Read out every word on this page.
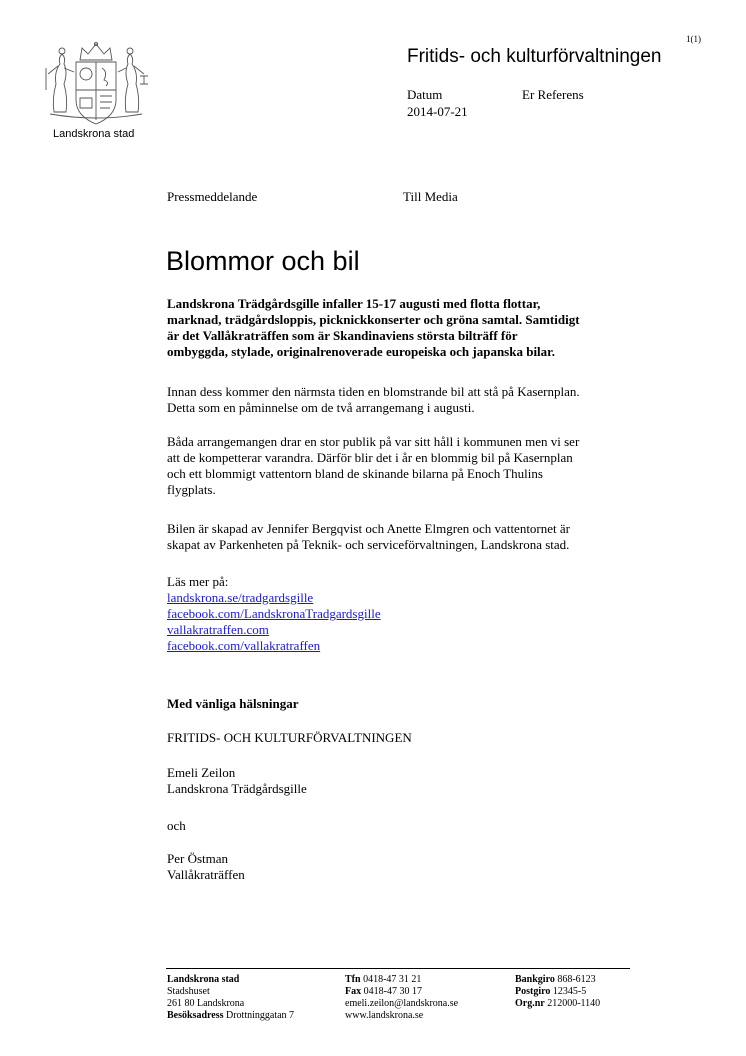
1(1)
Landskrona stad
Fritids- och kulturförvaltningen
Datum
2014-07-21
Er Referens
Pressmeddelande	Till Media
Blommor och bil
Landskrona Trädgårdsgille infaller 15-17 augusti med flotta flottar,
marknad, trädgårdsloppis, picknickkonserter och gröna samtal. Samtidigt
är det Vallåkraträffen som är Skandinaviens största bilträff för
ombyggda, stylade, originalrenoverade europeiska och japanska bilar.
Innan dess kommer den närmsta tiden en blomstrande bil att stå på Kasernplan.
Detta som en påminnelse om de två arrangemang i augusti.
Båda arrangemangen drar en stor publik på var sitt håll i kommunen men vi ser
att de kompetterar varandra. Därför blir det i år en blommig bil på Kasernplan
och ett blommigt vattentorn bland de skinande bilarna på Enoch Thulins
flygplats.
Bilen är skapad av Jennifer Bergqvist och Anette Elmgren och vattentornet är
skapat av Parkenheten på Teknik- och serviceförvaltningen, Landskrona stad.
Läs mer på:
landskrona.se/tradgardsgille
facebook.com/LandskronaTradgardsgille
vallakratraffen.com
facebook.com/vallakratraffen
Med vänliga hälsningar
FRITIDS- OCH KULTURFÖRVALTNINGEN
Emeli Zeilon
Landskrona Trädgårdsgille
och
Per Östman
Vallåkraträffen
Landskrona stad
Stadshuset
261 80 Landskrona
Besöksadress Drottninggatan 7
Tfn 0418-47 31 21
Fax 0418-47 30 17
emeli.zeilon@landskrona.se
www.landskrona.se
Bankgiro 868-6123
Postgiro 12345-5
Org.nr 212000-1140
